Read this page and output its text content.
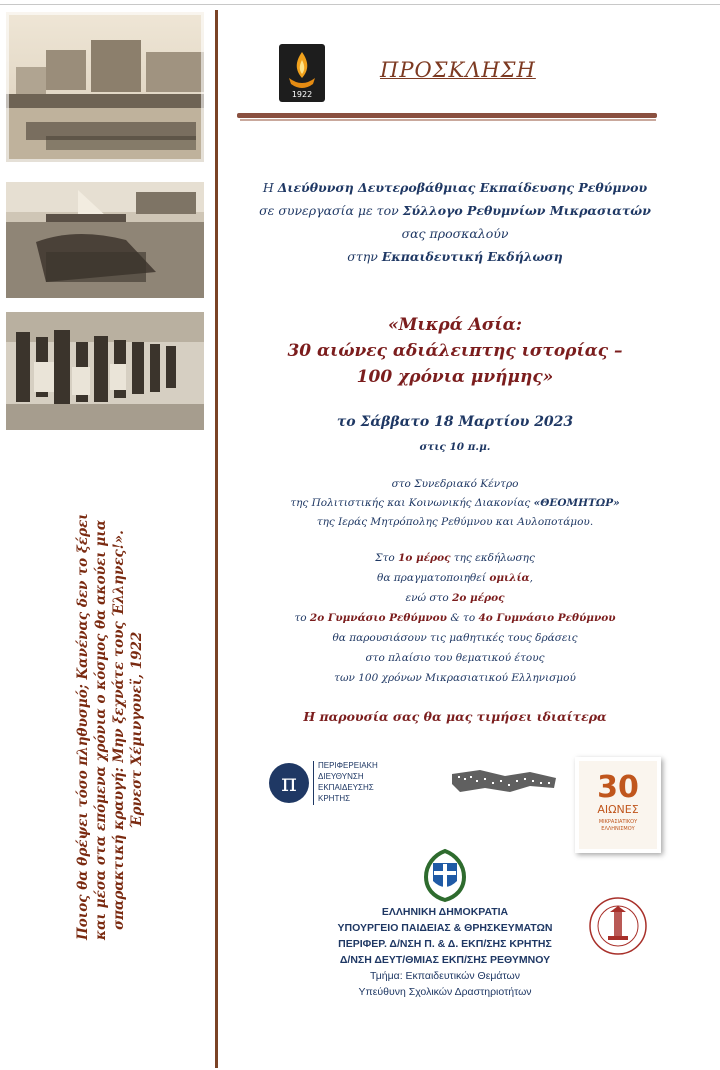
Ποιος θα θρέψει τόσο πληθυσμό; Κανένας δεν το ξέρει και μέσα στα επόμενα χρόνια ο κόσμος θα ακούει μια σπαρακτική κραυγή: Μην ξεχνάτε τους Έλληνες!». Έρνεστ Χέμινγουεϊ, 1922
1922
ΠΡΟΣΚΛΗΣΗ
Η Διεύθυνση Δευτεροβάθμιας Εκπαίδευσης Ρεθύμνου
σε συνεργασία με τον Σύλλογο Ρεθυμνίων Μικρασιατών
σας προσκαλούν
στην Εκπαιδευτική Εκδήλωση
«Μικρά Ασία:
30 αιώνες αδιάλειπτης ιστορίας –
100 χρόνια μνήμης»
το Σάββατο 18 Μαρτίου 2023
στις 10 π.μ.
στο Συνεδριακό Κέντρο
της Πολιτιστικής και Κοινωνικής Διακονίας «ΘΕΟΜΗΤΩΡ»
της Ιεράς Μητρόπολης Ρεθύμνου και Αυλοποτάμου.
Στο 1ο μέρος της εκδήλωσης
θα πραγματοποιηθεί ομιλία,
ενώ στο 2ο μέρος
το 2ο Γυμνάσιο Ρεθύμνου & το 4ο Γυμνάσιο Ρεθύμνου
θα παρουσιάσουν τις μαθητικές τους δράσεις
στο πλαίσιο του θεματικού έτους
των 100 χρόνων Μικρασιατικού Ελληνισμού
Η παρουσία σας θα μας τιμήσει ιδιαίτερα
π
ΠΕΡΙΦΕΡΕΙΑΚΗ
ΔΙΕΥΘΥΝΣΗ
ΕΚΠΑΙΔΕΥΣΗΣ
ΚΡΗΤΗΣ	30
ΑΙΩΝΕΣ
ΜΙΚΡΑΣΙΑΤΙΚΟΥ
ΕΛΛΗΝΙΣΜΟΥ
ΕΛΛΗΝΙΚΗ ΔΗΜΟΚΡΑΤΙΑ
ΥΠΟΥΡΓΕΙΟ ΠΑΙΔΕΙΑΣ & ΘΡΗΣΚΕΥΜΑΤΩΝ
ΠΕΡΙΦΕΡ. Δ/ΝΣΗ Π. & Δ. ΕΚΠ/ΣΗΣ ΚΡΗΤΗΣ
Δ/ΝΣΗ ΔΕΥΤ/ΘΜΙΑΣ ΕΚΠ/ΣΗΣ ΡΕΘΥΜΝΟΥ
Τμήμα: Εκπαιδευτικών Θεμάτων
Υπεύθυνη Σχολικών Δραστηριοτήτων
